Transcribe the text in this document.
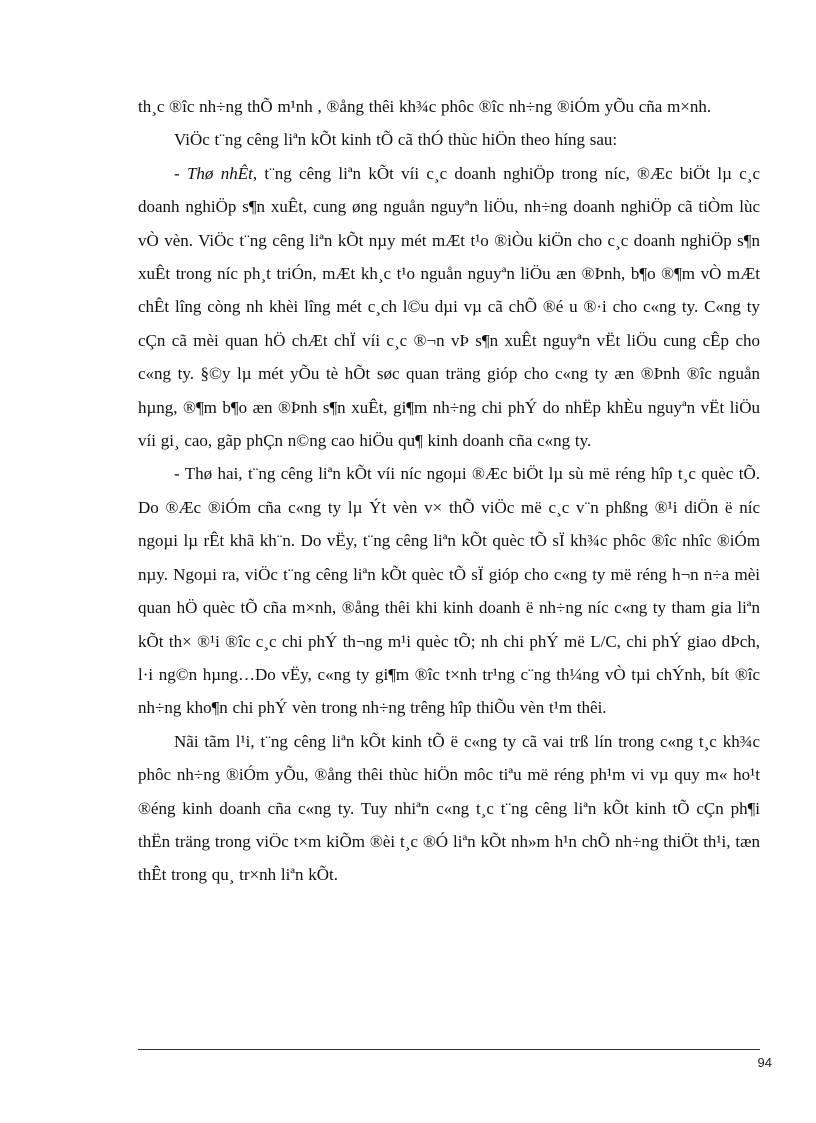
th¸c ®îc nh÷ng thÕ m¹nh , ®ång thêi kh¾c phôc ®îc nh÷ng ®iÓm yÕu cña m×nh.

ViÖc t¨ng cêng liªn kÕt kinh tÕ cã thÓ thùc hiÖn theo híng sau:

- Thø nhÊt, t¨ng cêng liªn kÕt víi c¸c doanh nghiÖp trong níc, ®Æc biÖt lµ c¸c doanh nghiÖp s¶n xuÊt, cung øng nguån nguyªn liÖu, nh÷ng doanh nghiÖp cã tiÒm lùc vÒ vèn. ViÖc t¨ng cêng liªn kÕt nµy mét mÆt t¹o ®iÒu kiÖn cho c¸c doanh nghiÖp s¶n xuÊt trong níc ph¸t triÓn, mÆt kh¸c t¹o nguån nguyªn liÖu æn ®Þnh, b¶o ®¶m vÒ mÆt chÊt lîng còng nh khèi lîng mét c¸ch l©u dµi vµ cã chÕ ®é u ®·i cho c«ng ty. C«ng ty cÇn cã mèi quan hÖ chÆt chÏ víi c¸c ®¬n vÞ s¶n xuÊt nguyªn vËt liÖu cung cÊp cho c«ng ty. §©y lµ mét yÕu tè hÕt søc quan träng gióp cho c«ng ty æn ®Þnh ®îc nguån hµng, ®¶m b¶o æn ®Þnh s¶n xuÊt, gi¶m nh÷ng chi phÝ do nhËp khÈu nguyªn vËt liÖu víi gi¸ cao, gãp phÇn n©ng cao hiÖu qu¶ kinh doanh cña c«ng ty.

- Thø hai, t¨ng cêng liªn kÕt víi níc ngoµi ®Æc biÖt lµ sù më réng hîp t¸c quèc tÕ. Do ®Æc ®iÓm cña c«ng ty lµ Ýt vèn v× thÕ viÖc më c¸c v¨n phßng ®¹i diÖn ë níc ngoµi lµ rÊt khã kh¨n. Do vËy, t¨ng cêng liªn kÕt quèc tÕ sÏ kh¾c phôc ®îc nhîc ®iÓm nµy. Ngoµi ra, viÖc t¨ng cêng liªn kÕt quèc tÕ sÏ gióp cho c«ng ty më réng h¬n n÷a mèi quan hÖ quèc tÕ cña m×nh, ®ång thêi khi kinh doanh ë nh÷ng níc c«ng ty tham gia liªn kÕt th× ®¹i ®îc c¸c chi phÝ th¬ng m¹i quèc tÕ; nh chi phÝ më L/C, chi phÝ giao dÞch, l·i ng©n hµng…Do vËy, c«ng ty gi¶m ®îc t×nh tr¹ng c¨ng th¼ng vÒ tµi chÝnh, bít ®îc nh÷ng kho¶n chi phÝ vèn trong nh÷ng trêng hîp thiÕu vèn t¹m thêi.

Nãi tãm l¹i, t¨ng cêng liªn kÕt kinh tÕ ë c«ng ty cã vai trß lín trong c«ng t¸c kh¾c phôc nh÷ng ®iÓm yÕu, ®ång thêi thùc hiÖn môc tiªu më réng ph¹m vi vµ quy m« ho¹t ®éng kinh doanh cña c«ng ty. Tuy nhiªn c«ng t¸c t¨ng cêng liªn kÕt kinh tÕ cÇn ph¶i thËn träng trong viÖc t×m kiÕm ®èi t¸c ®Ó liªn kÕt nh»m h¹n chÕ nh÷ng thiÖt th¹i, tæn thÊt trong qu¸ tr×nh liªn kÕt.

94
